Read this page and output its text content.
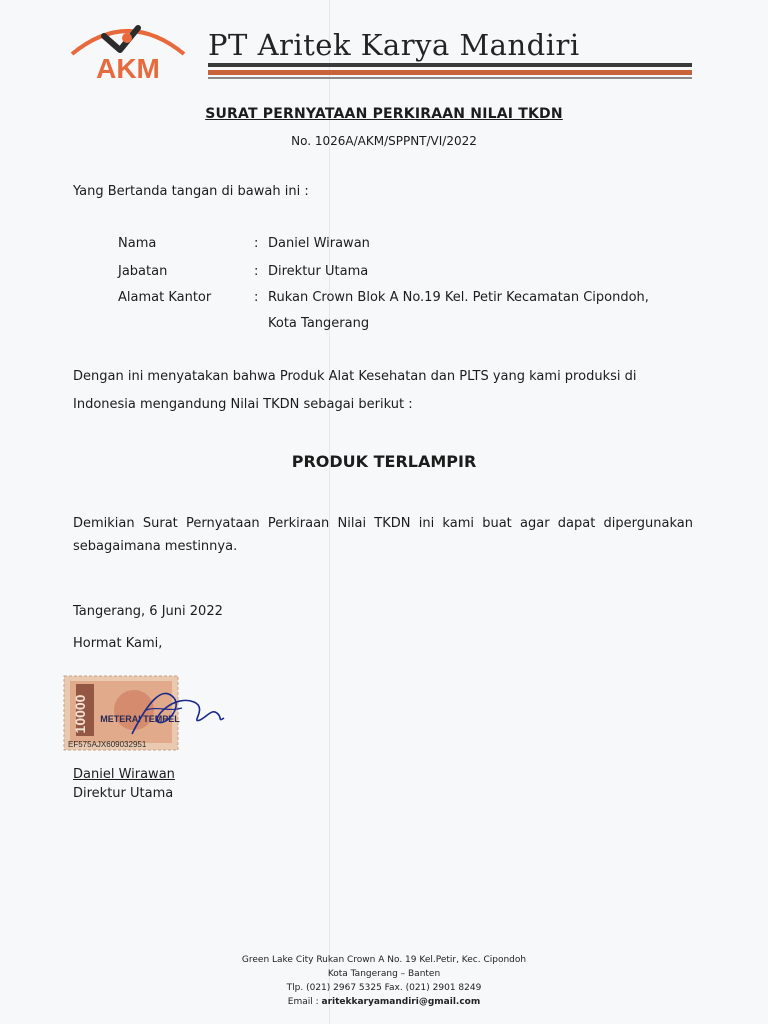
AKM
PT Aritek Karya Mandiri
SURAT PERNYATAAN PERKIRAAN NILAI TKDN
No. 1026A/AKM/SPPNT/VI/2022
Yang Bertanda tangan di bawah ini :
Nama	: Daniel Wirawan
Jabatan	: Direktur Utama
Alamat Kantor	: Rukan Crown Blok A No.19 Kel. Petir Kecamatan Cipondoh,
Kota Tangerang
Dengan ini menyatakan bahwa Produk Alat Kesehatan dan PLTS yang kami produksi di
Indonesia mengandung Nilai TKDN sebagai berikut :
PRODUK TERLAMPIR
Demikian Surat Pernyataan Perkiraan Nilai TKDN ini kami buat agar dapat dipergunakan
sebagaimana mestinnya.
Tangerang, 6 Juni 2022
Hormat Kami,
10000 METERAI TEMPEL
EF575AJX609032951
Daniel Wirawan
Direktur Utama
Green Lake City Rukan Crown A No. 19 Kel.Petir, Kec. Cipondoh
Kota Tangerang – Banten
Tlp. (021) 2967 5325 Fax. (021) 2901 8249
Email : aritekkaryamandiri@gmail.com
